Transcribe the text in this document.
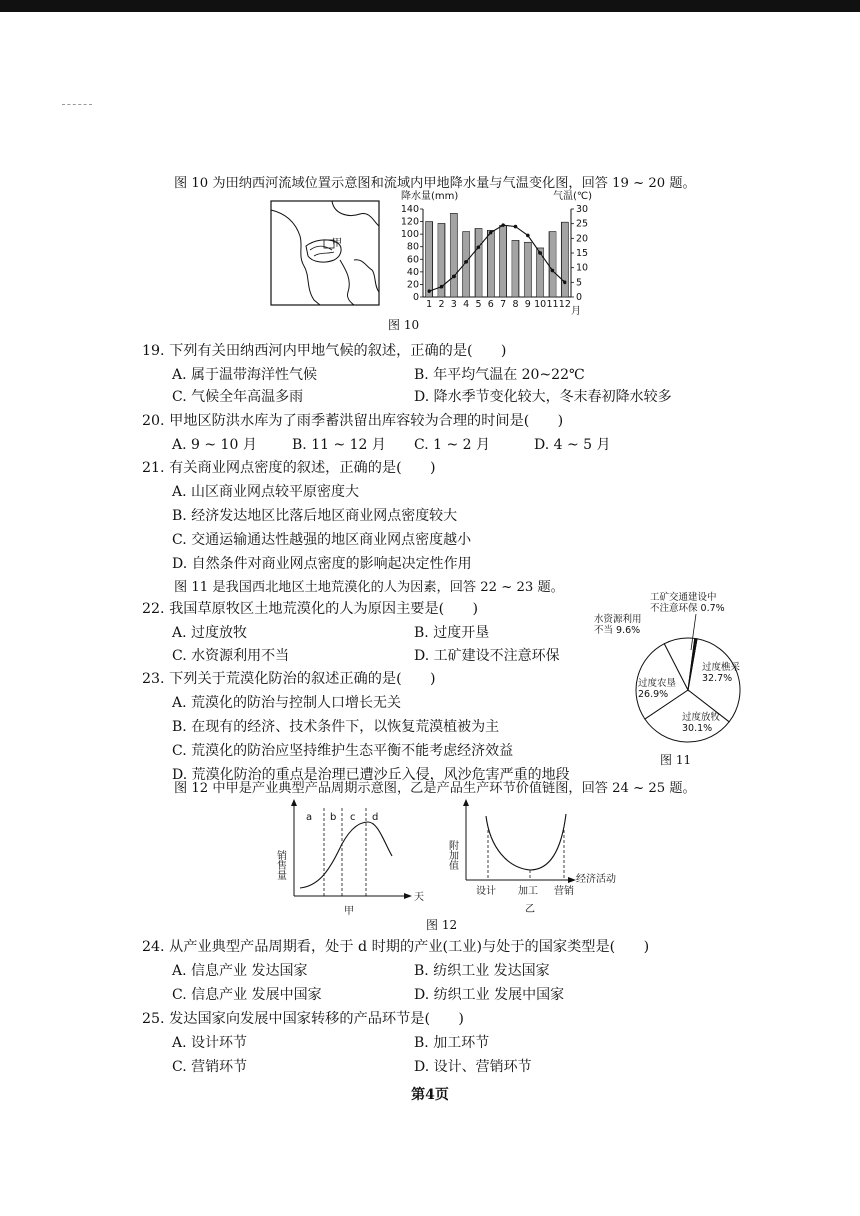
图 10 为田纳西河流域位置示意图和流域内甲地降水量与气温变化图，回答 19 ~ 20 题。
甲
降水量(mm)	气温(℃)
月
0
20
40
60
80
100
120
140
0
5
10
15
20
25
30
1 2 3 4 5 6 7 8 9 10 11 12
图 10
19. 下列有关田纳西河内甲地气候的叙述，正确的是(　　)
A. 属于温带海洋性气候	B. 年平均气温在 20~22℃
C. 气候全年高温多雨	D. 降水季节变化较大，冬末春初降水较多
20. 甲地区防洪水库为了雨季蓄洪留出库容较为合理的时间是(　　)
A. 9 ~ 10 月	B. 11 ~ 12 月 C. 1 ~ 2 月	D. 4 ~ 5 月
21. 有关商业网点密度的叙述，正确的是(　　)
A. 山区商业网点较平原密度大
B. 经济发达地区比落后地区商业网点密度较大
C. 交通运输通达性越强的地区商业网点密度越小
D. 自然条件对商业网点密度的影响起决定性作用
图 11 是我国西北地区土地荒漠化的人为因素，回答 22 ~ 23 题。
22. 我国草原牧区土地荒漠化的人为原因主要是(　　)
A. 过度放牧	B. 过度开垦
C. 水资源利用不当	D. 工矿建设不注意环保
23. 下列关于荒漠化防治的叙述正确的是(　　)
A. 荒漠化的防治与控制人口增长无关
B. 在现有的经济、技术条件下，以恢复荒漠植被为主
C. 荒漠化的防治应坚持维护生态平衡不能考虑经济效益
D. 荒漠化防治的重点是治理已遭沙丘入侵，风沙危害严重的地段
工矿交通建设中
不注意环保 0.7%
水资源利用
不当 9.6%
过度樵采
32.7%
过度农垦
26.9%
过度放牧
30.1%
图 11
图 12 中甲是产业典型产品周期示意图，乙是产品生产环节价值链图，回答 24 ~ 25 题。
销售量
天
a b c d
甲
附加值
经济活动
设计 加工 营销
乙
图 12
24. 从产业典型产品周期看，处于 d 时期的产业(工业)与处于的国家类型是(　　)
A. 信息产业 发达国家	B. 纺织工业 发达国家
C. 信息产业 发展中国家	D. 纺织工业 发展中国家
25. 发达国家向发展中国家转移的产品环节是(　　)
A. 设计环节	B. 加工环节
C. 营销环节	D. 设计、营销环节
第4页
